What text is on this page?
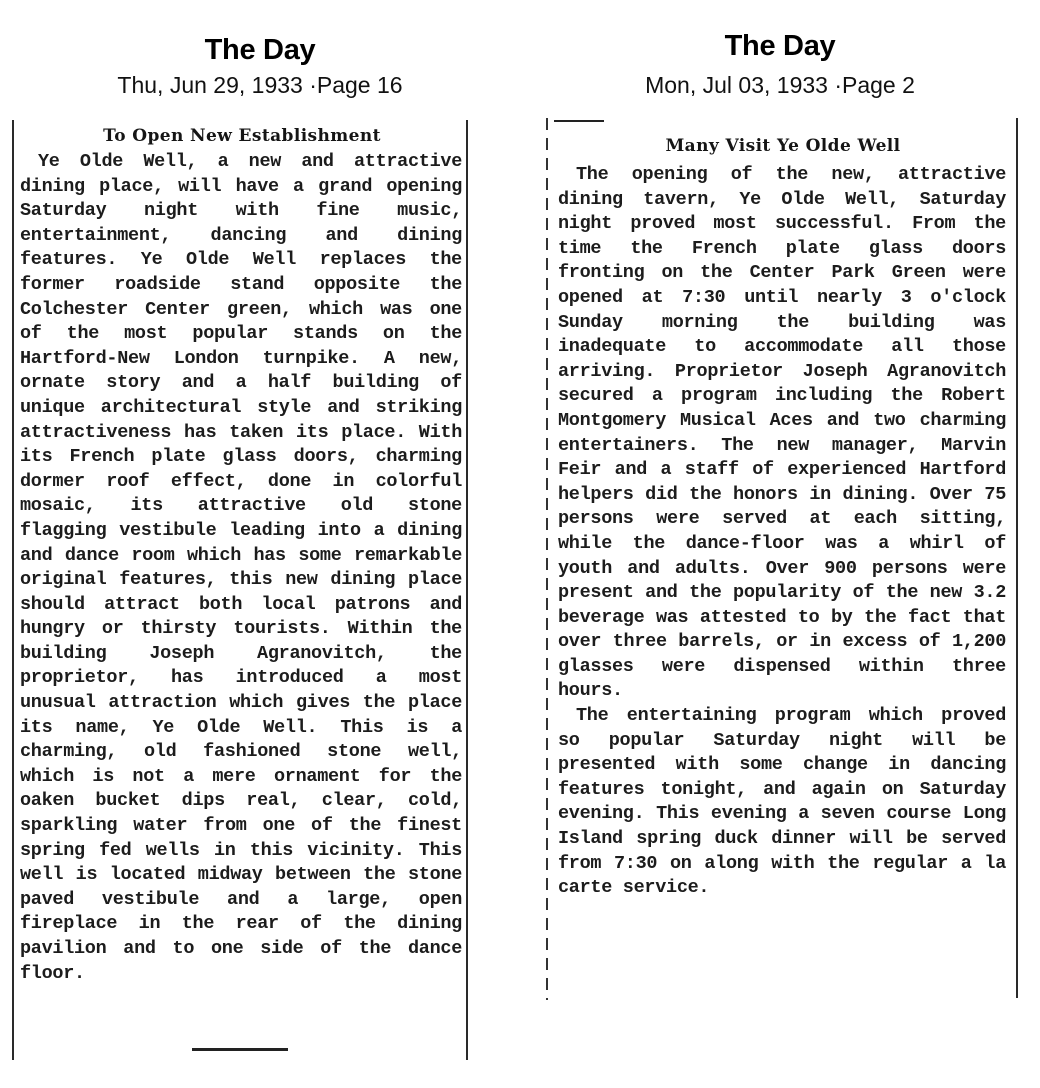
The Day
Thu, Jun 29, 1933 ·Page 16
To Open New Establishment

Ye Olde Well, a new and attractive dining place, will have a grand opening Saturday night with fine music, entertainment, dancing and dining features. Ye Olde Well replaces the former roadside stand opposite the Colchester Center green, which was one of the most popular stands on the Hartford-New London turnpike. A new, ornate story and a half building of unique architectural style and striking attractiveness has taken its place. With its French plate glass doors, charming dormer roof effect, done in colorful mosaic, its attractive old stone flagging vestibule leading into a dining and dance room which has some remarkable original features, this new dining place should attract both local patrons and hungry or thirsty tourists. Within the building Joseph Agranovitch, the proprietor, has introduced a most unusual attraction which gives the place its name, Ye Olde Well. This is a charming, old fashioned stone well, which is not a mere ornament for the oaken bucket dips real, clear, cold, sparkling water from one of the finest spring fed wells in this vicinity. This well is located midway between the stone paved vestibule and a large, open fireplace in the rear of the dining pavilion and to one side of the dance floor.

The Day
Mon, Jul 03, 1933 ·Page 2
Many Visit Ye Olde Well

The opening of the new, attractive dining tavern, Ye Olde Well, Saturday night proved most successful. From the time the French plate glass doors fronting on the Center Park Green were opened at 7:30 until nearly 3 o'clock Sunday morning the building was inadequate to accommodate all those arriving. Proprietor Joseph Agranovitch secured a program including the Robert Montgomery Musical Aces and two charming entertainers. The new manager, Marvin Feir and a staff of experienced Hartford helpers did the honors in dining. Over 75 persons were served at each sitting, while the dance-floor was a whirl of youth and adults. Over 900 persons were present and the popularity of the new 3.2 beverage was attested to by the fact that over three barrels, or in excess of 1,200 glasses were dispensed within three hours.

The entertaining program which proved so popular Saturday night will be presented with some change in dancing features tonight, and again on Saturday evening. This evening a seven course Long Island spring duck dinner will be served from 7:30 on along with the regular a la carte service.
